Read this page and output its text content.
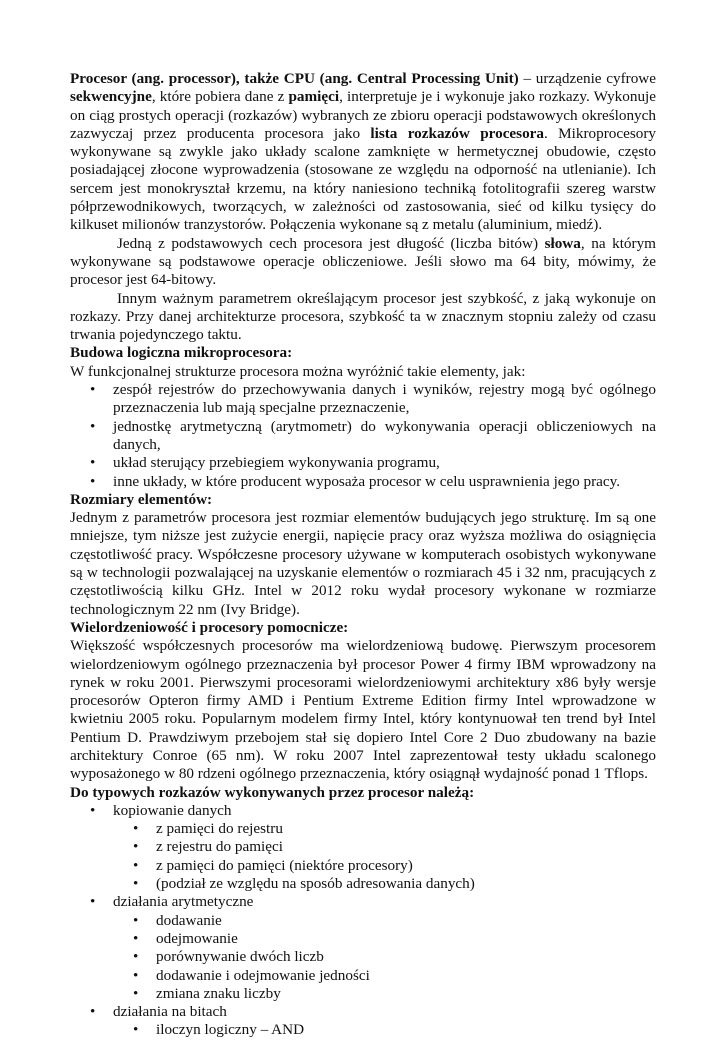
Procesor (ang. processor), także CPU (ang. Central Processing Unit) – urządzenie cyfrowe sekwencyjne, które pobiera dane z pamięci, interpretuje je i wykonuje jako rozkazy. Wykonuje on ciąg prostych operacji (rozkazów) wybranych ze zbioru operacji podstawowych określonych zazwyczaj przez producenta procesora jako lista rozkazów procesora. Mikroprocesory wykonywane są zwykle jako układy scalone zamknięte w hermetycznej obudowie, często posiadającej złocone wyprowadzenia (stosowane ze względu na odporność na utlenianie). Ich sercem jest monokryształ krzemu, na który naniesiono techniką fotolitografii szereg warstw półprzewodnikowych, tworzących, w zależności od zastosowania, sieć od kilku tysięcy do kilkuset milionów tranzystorów. Połączenia wykonane są z metalu (aluminium, miedź).

Jedną z podstawowych cech procesora jest długość (liczba bitów) słowa, na którym wykonywane są podstawowe operacje obliczeniowe. Jeśli słowo ma 64 bity, mówimy, że procesor jest 64-bitowy.

Innym ważnym parametrem określającym procesor jest szybkość, z jaką wykonuje on rozkazy. Przy danej architekturze procesora, szybkość ta w znacznym stopniu zależy od czasu trwania pojedynczego taktu.

Budowa logiczna mikroprocesora:

W funkcjonalnej strukturze procesora można wyróżnić takie elementy, jak:

• zespół rejestrów do przechowywania danych i wyników, rejestry mogą być ogólnego przeznaczenia lub mają specjalne przeznaczenie,
• jednostkę arytmetyczną (arytmometr) do wykonywania operacji obliczeniowych na danych,
• układ sterujący przebiegiem wykonywania programu,
• inne układy, w które producent wyposaża procesor w celu usprawnienia jego pracy.
Rozmiary elementów:

Jednym z parametrów procesora jest rozmiar elementów budujących jego strukturę. Im są one mniejsze, tym niższe jest zużycie energii, napięcie pracy oraz wyższa możliwa do osiągnięcia częstotliwość pracy. Współczesne procesory używane w komputerach osobistych wykonywane są w technologii pozwalającej na uzyskanie elementów o rozmiarach 45 i 32 nm, pracujących z częstotliwością kilku GHz. Intel w 2012 roku wydał procesory wykonane w rozmiarze technologicznym 22 nm (Ivy Bridge).

Wielordzeniowość i procesory pomocnicze:

Większość współczesnych procesorów ma wielordzeniową budowę. Pierwszym procesorem wielordzeniowym ogólnego przeznaczenia był procesor Power 4 firmy IBM wprowadzony na rynek w roku 2001. Pierwszymi procesorami wielordzeniowymi architektury x86 były wersje procesorów Opteron firmy AMD i Pentium Extreme Edition firmy Intel wprowadzone w kwietniu 2005 roku. Popularnym modelem firmy Intel, który kontynuował ten trend był Intel Pentium D. Prawdziwym przebojem stał się dopiero Intel Core 2 Duo zbudowany na bazie architektury Conroe (65 nm). W roku 2007 Intel zaprezentował testy układu scalonego wyposażonego w 80 rdzeni ogólnego przeznaczenia, który osiągnął wydajność ponad 1 Tflops.

Do typowych rozkazów wykonywanych przez procesor należą:
• kopiowanie danych
• z pamięci do rejestru
• z rejestru do pamięci
• z pamięci do pamięci (niektóre procesory)
• (podział ze względu na sposób adresowania danych)
• działania arytmetyczne
• dodawanie
• odejmowanie
• porównywanie dwóch liczb
• dodawanie i odejmowanie jedności
• zmiana znaku liczby
• działania na bitach
• iloczyn logiczny – AND
